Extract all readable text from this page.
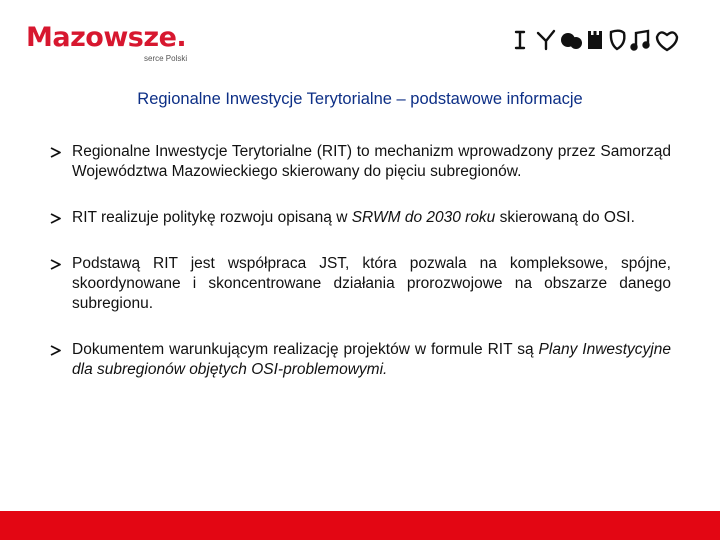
Mazowsze.
serce Polski
Regionalne Inwestycje Terytorialne – podstawowe informacje
Regionalne Inwestycje Terytorialne (RIT) to mechanizm wprowadzony przez Samorząd Województwa Mazowieckiego skierowany do pięciu subregionów.
RIT realizuje politykę rozwoju opisaną w SRWM do 2030 roku skierowaną do OSI.
Podstawą RIT jest współpraca JST, która pozwala na kompleksowe, spójne, skoordynowane i skoncentrowane działania prorozwojowe na obszarze danego subregionu.
Dokumentem warunkującym realizację projektów w formule RIT są Plany Inwestycyjne dla subregionów objętych OSI-problemowymi.
